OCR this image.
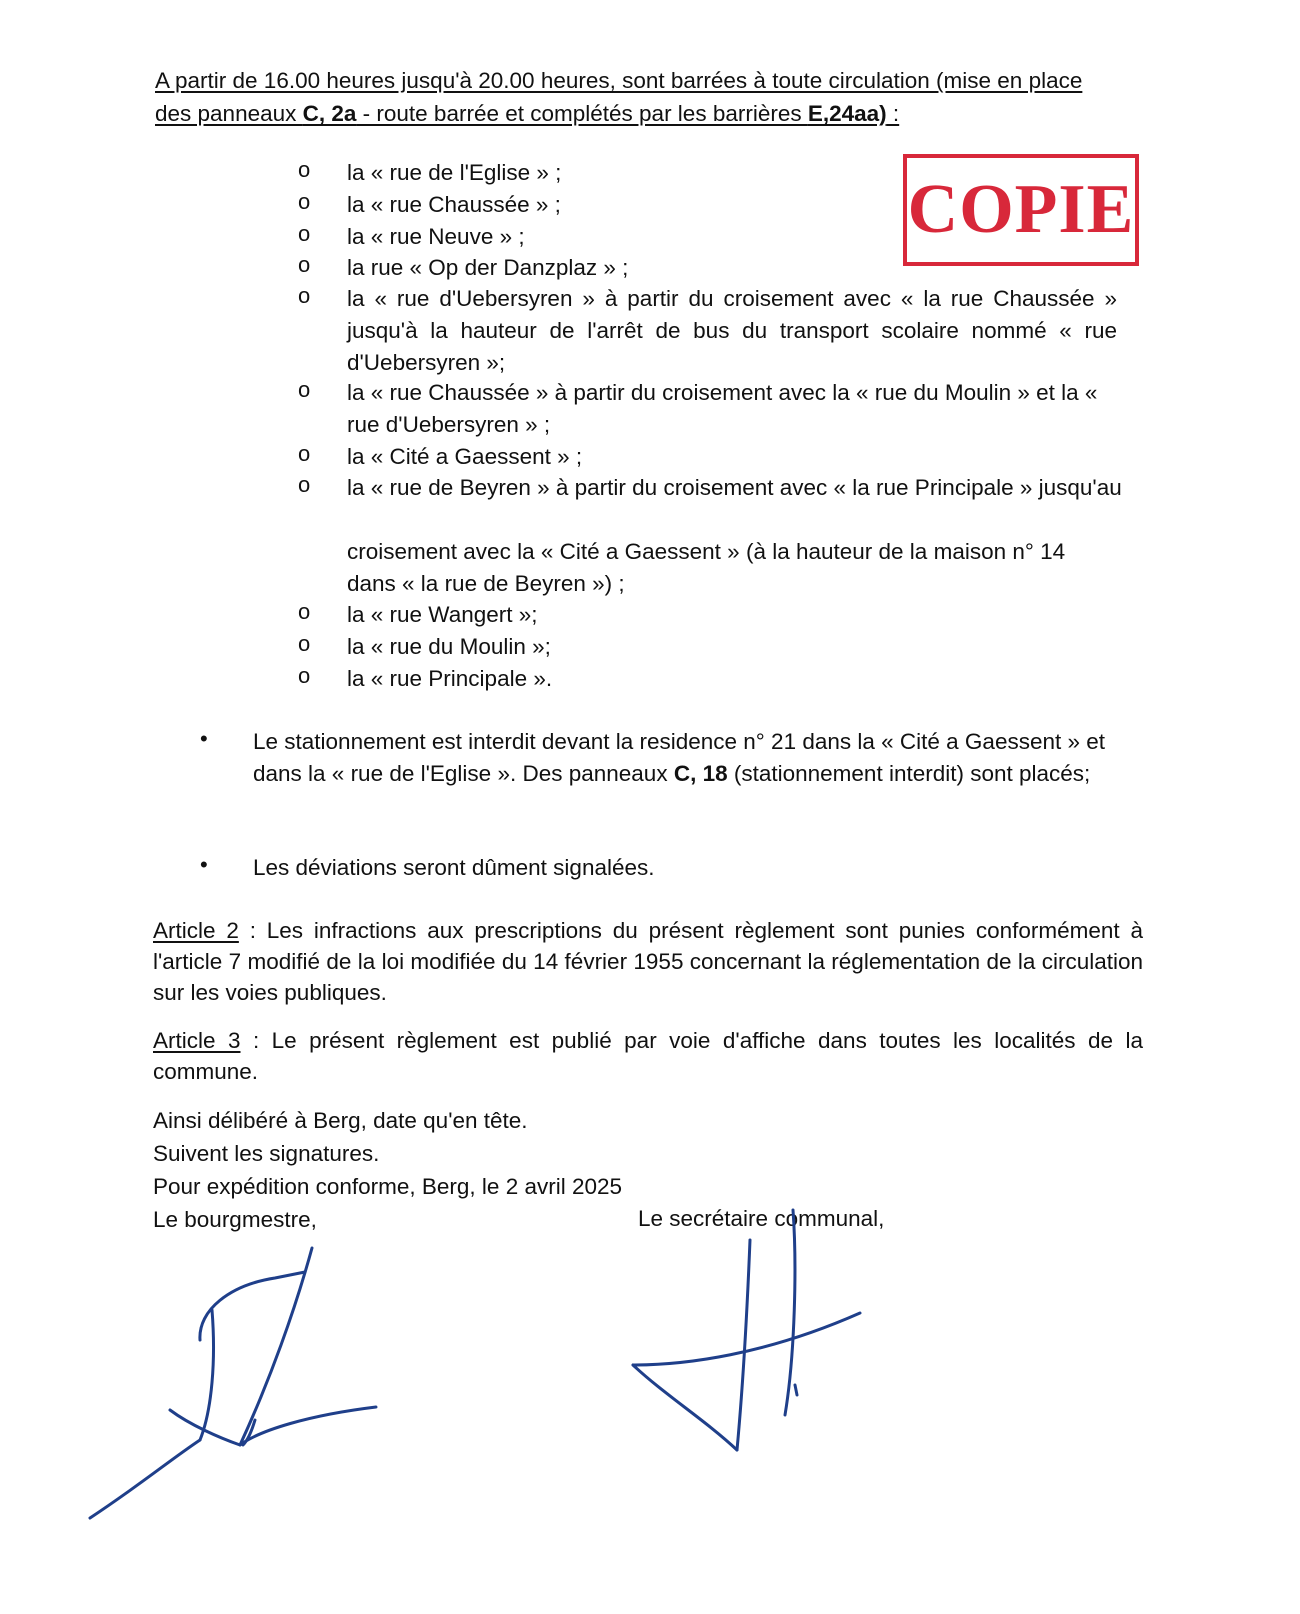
A partir de 16.00 heures jusqu'à 20.00 heures, sont barrées à toute circulation (mise en place
des panneaux C, 2a - route barrée et complétés par les barrières E,24aa) :
COPIE
o la « rue de l'Eglise » ;
o la « rue Chaussée » ;
o la « rue Neuve » ;
o la rue « Op der Danzplaz » ;
o la « rue d'Uebersyren » à partir du croisement avec « la rue Chaussée » jusqu'à la hauteur de l'arrêt de bus du transport scolaire nommé « rue d'Uebersyren »;
o la « rue Chaussée » à partir du croisement avec la « rue du Moulin » et la « rue d'Uebersyren » ;
o la « Cité a Gaessent » ;
o la « rue de Beyren » à partir du croisement avec « la rue Principale » jusqu'au
croisement avec la « Cité a Gaessent » (à la hauteur de la maison n° 14 dans « la rue de Beyren ») ;
o la « rue Wangert »;
o la « rue du Moulin »;
o la « rue Principale ».
• Le stationnement est interdit devant la residence n° 21 dans la « Cité a Gaessent » et dans la « rue de l'Eglise ». Des panneaux C, 18 (stationnement interdit) sont placés;
• Les déviations seront dûment signalées.
Article 2 : Les infractions aux prescriptions du présent règlement sont punies conformément à l'article 7 modifié de la loi modifiée du 14 février 1955 concernant la réglementation de la circulation sur les voies publiques.
Article 3 : Le présent règlement est publié par voie d'affiche dans toutes les localités de la commune.
Ainsi délibéré à Berg, date qu'en tête.
Suivent les signatures.
Pour expédition conforme, Berg, le 2 avril 2025
Le bourgmestre,	Le secrétaire communal,
